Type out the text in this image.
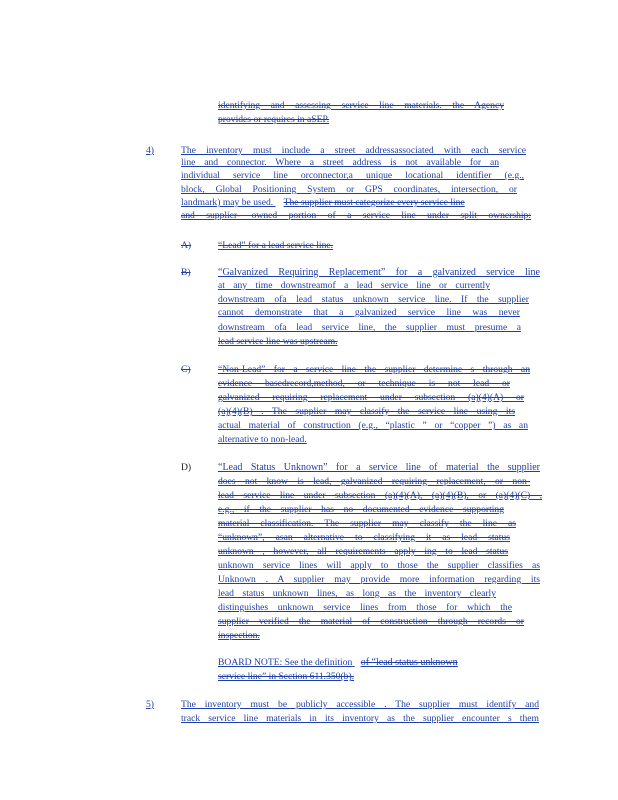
identifying and assessing service line materials. the Agency
provides or requires in aSEP.
4)	The inventory must include a street addressassociated with each service
line and connector. Where a street address is not available for an
individual service line orconnector,a unique locational identifier (e.g.,
block, Global Positioning System or GPS coordinates, intersection, or
landmark) may be used. The supplier must categorize every service line
and supplier- owned portion of a service line under split ownership:
A)	“Lead” for a lead service line.
B)	“Galvanized Requiring Replacement” for a galvanized service line
at any time downstreamof a lead service line or currently
downstream ofa lead status unknown service line. If the supplier
cannot demonstrate that a galvanized service line was never
downstream ofa lead service line, the supplier must presume a
lead service line was upstream.
C)	“Non-Lead” for a service line the supplier determine s through an
evidence basedrecord,method, or technique is not lead or
galvanized requiring replacement under subsection (a)(4)(A) or
(a)(4)(B) . The supplier may classify the service line using its
actual material of construction (e.g., “plastic ” or “copper ”) as an
alternative to non-lead.
D)	“Lead Status Unknown” for a service line of material the supplier
does not know is lead, galvanized requiring replacement, or non-
lead service line under subsection (a)(4)(A), (a)(4)(B), or (a)(4)(C) ,
e.g., if the supplier has no documented evidence supporting
material classification. The supplier may classify the line as
“unknown”, asan alternative to classifying it as lead status
unknown , however, all requirements apply ing to lead status
unknown service lines will apply to those the supplier classifies as
Unknown . A supplier may provide more information regarding its
lead status unknown lines, as long as the inventory clearly
distinguishes unknown service lines from those for which the
supplier verified the material of construction through records or
inspection.
BOARD NOTE: See the definition of “lead status unknown
service line” in Section 611.350(b).
5)	The inventory must be publicly accessible . The supplier must identify and
track service line materials in its inventory as the supplier encounter s them
